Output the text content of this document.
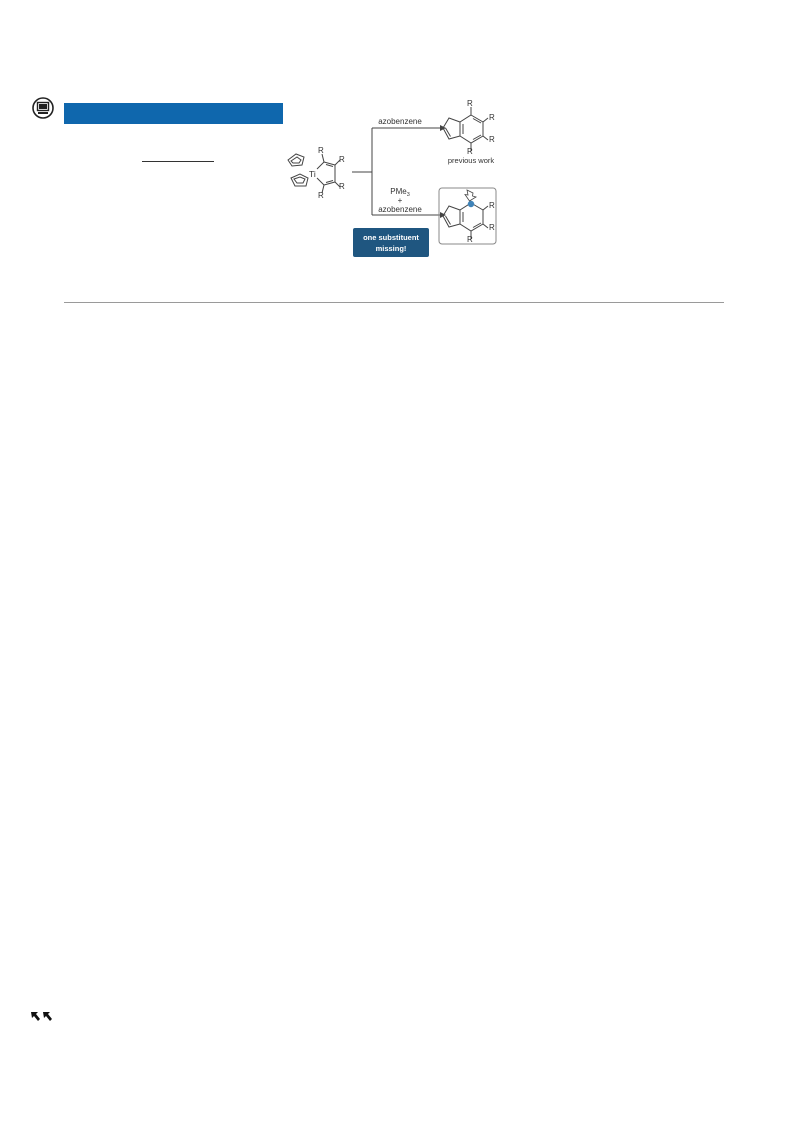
R
R
R
R
Ti
azobenzene
PMe$_3$
+
azobenzene
R
R
R
R
previous work
R
R
R
one substituent
missing!
